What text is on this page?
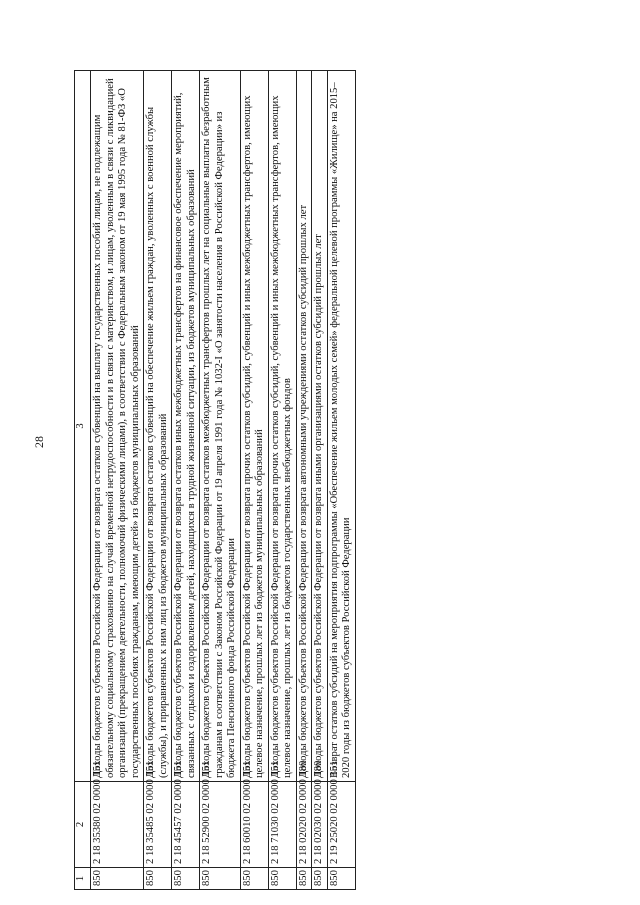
28
1	2	3
850	2 18 35380 02 0000 151	Доходы бюджетов субъектов Российской Федерации от возврата остатков субвенций на выплату государственных пособий лицам, не подлежащим обязательному социальному страхованию на случай временной нетрудоспособности и в связи с материнством, и лицам, уволенным в связи с ликвидацией организаций (прекращением деятельности, полномочий физическими лицами), в соответствии с Федеральным законом от 19 мая 1995 года № 81-ФЗ «О государственных пособиях гражданам, имеющим детей» из бюджетов муниципальных образований
850	2 18 35485 02 0000 151	Доходы бюджетов субъектов Российской Федерации от возврата остатков субвенций на обеспечение жильем граждан, уволенных с военной службы (службы), и приравненных к ним лиц из бюджетов муниципальных образований
850	2 18 45457 02 0000 151	Доходы бюджетов субъектов Российской Федерации от возврата остатков иных межбюджетных трансфертов на финансовое обеспечение мероприятий, связанных с отдыхом и оздоровлением детей, находящихся в трудной жизненной ситуации, из бюджетов муниципальных образований
850	2 18 52900 02 0000 151	Доходы бюджетов субъектов Российской Федерации от возврата остатков межбюджетных трансфертов прошлых лет на социальные выплаты безработным гражданам в соответствии с Законом Российской Федерации от 19 апреля 1991 года № 1032-I «О занятости населения в Российской Федерации» из бюджета Пенсионного фонда Российской Федерации
850	2 18 60010 02 0000 151	Доходы бюджетов субъектов Российской Федерации от возврата прочих остатков субсидий, субвенций и иных межбюджетных трансфертов, имеющих целевое назначение, прошлых лет из бюджетов муниципальных образований
850	2 18 71030 02 0000 151	Доходы бюджетов субъектов Российской Федерации от возврата прочих остатков субсидий, субвенций и иных межбюджетных трансфертов, имеющих целевое назначение, прошлых лет из бюджетов государственных внебюджетных фондов
850	2 18 02020 02 0000 180	Доходы бюджетов субъектов Российской Федерации от возврата автономными учреждениями остатков субсидий прошлых лет
850	2 18 02030 02 0000 180	Доходы бюджетов субъектов Российской Федерации от возврата иными организациями остатков субсидий прошлых лет
850	2 19 25020 02 0000 151	Возврат остатков субсидий на мероприятия подпрограммы «Обеспечение жильем молодых семей» федеральной целевой программы «Жилище» на 2015–2020 годы из бюджетов субъектов Российской Федерации
